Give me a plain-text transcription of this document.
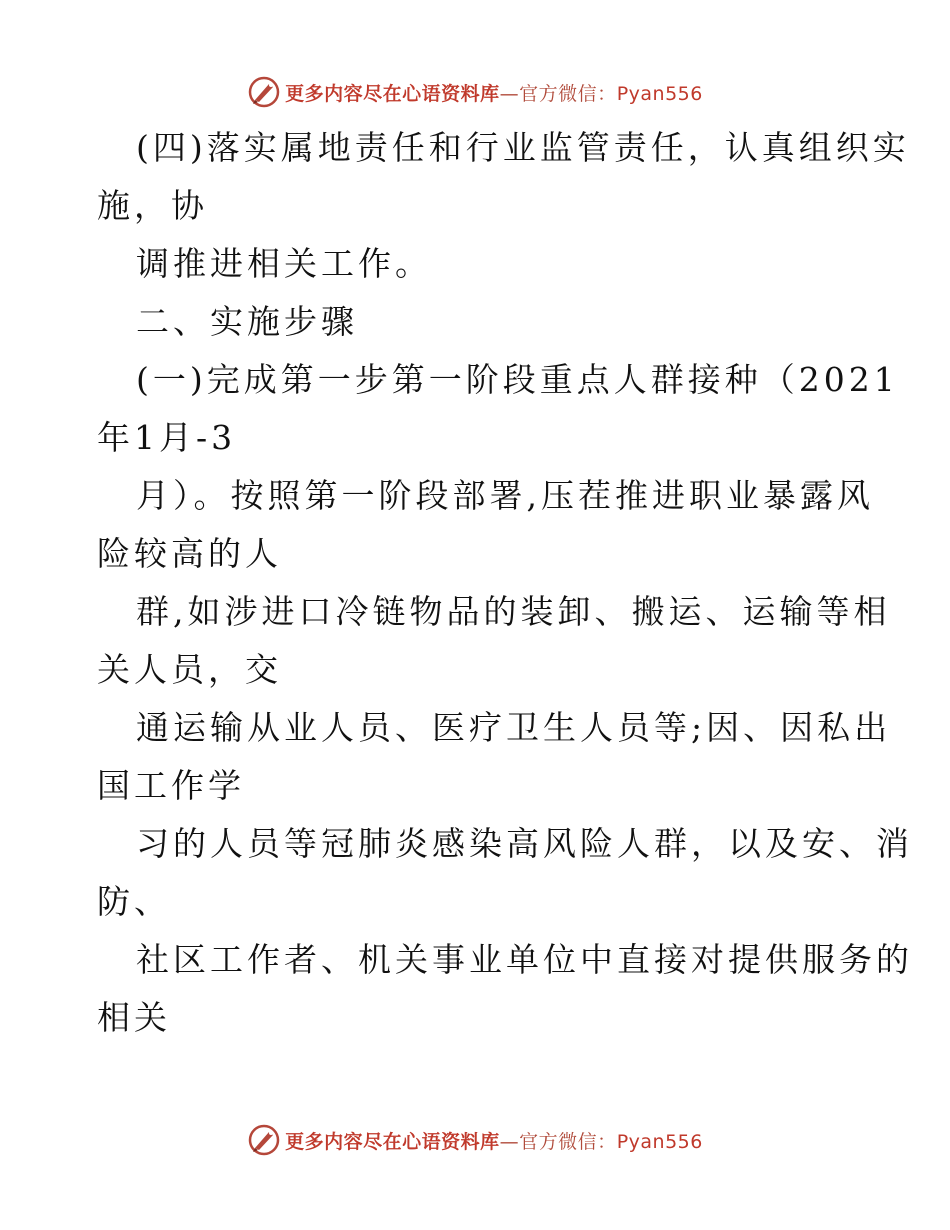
更多内容尽在心语资料库—官方微信：Pyan556
(四)落实属地责任和行业监管责任，认真组织实
施，协
调推进相关工作。
二、实施步骤
(一)完成第一步第一阶段重点人群接种（2021
年1月-3
月）。按照第一阶段部署,压茬推进职业暴露风
险较高的人
群,如涉进口冷链物品的装卸、搬运、运输等相
关人员，交
通运输从业人员、医疗卫生人员等;因、因私出
国工作学
习的人员等冠肺炎感染高风险人群，以及安、消
防、
社区工作者、机关事业单位中直接对提供服务的
相关
更多内容尽在心语资料库—官方微信：Pyan556
